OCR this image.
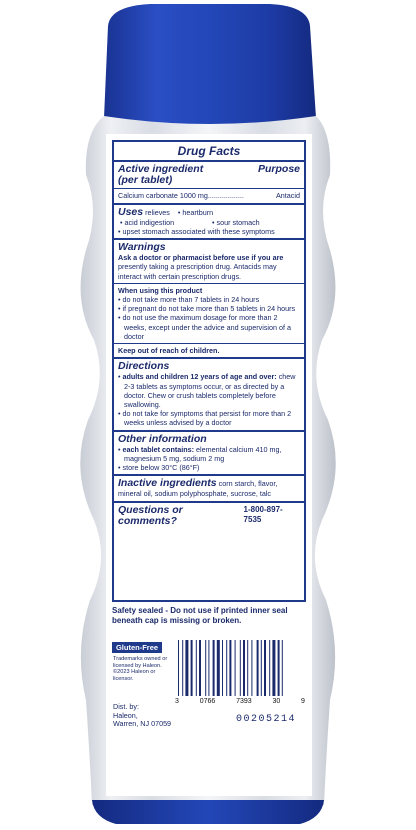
Drug Facts
Active ingredient	Purpose
(per tablet)
Calcium carbonate 1000 mg..................	Antacid
Uses relieves • heartburn
• acid indigestion	• sour stomach
• upset stomach associated with these symptoms
Warnings
Ask a doctor or pharmacist before use if you are presently taking a prescription drug. Antacids may interact with certain prescription drugs.
When using this product
• do not take more than 7 tablets in 24 hours
• if pregnant do not take more than 5 tablets in 24 hours
• do not use the maximum dosage for more than 2 weeks, except under the advice and supervision of a doctor
Keep out of reach of children.
Directions
• adults and children 12 years of age and over: chew 2-3 tablets as symptoms occur, or as directed by a doctor. Chew or crush tablets completely before swallowing.
• do not take for symptoms that persist for more than 2 weeks unless advised by a doctor
Other information
• each tablet contains: elemental calcium 410 mg, magnesium 5 mg, sodium 2 mg
• store below 30°C (86°F)
Inactive ingredients corn starch, flavor, mineral oil, sodium polyphosphate, sucrose, talc
Questions or comments?
1-800-897-7535
Safety sealed - Do not use if printed inner seal beneath cap is missing or broken.
Gluten-Free
Trademarks owned or licensed by Haleon. ©2023 Haleon or licensor.
Dist. by:
Haleon,
Warren, NJ 07059
3	0766	7393	30	9
00205214
